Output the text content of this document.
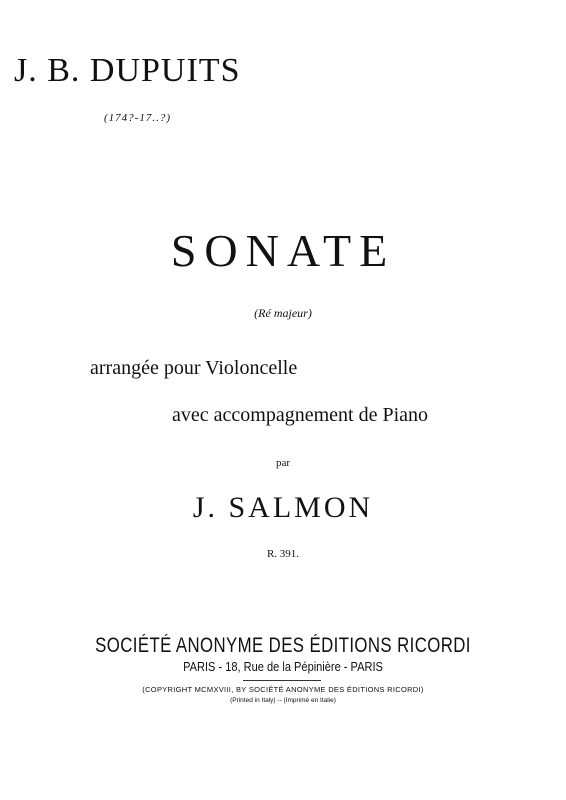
J. B. DUPUITS
(174?-17..?)
SONATE
(Ré majeur)
arrangée pour Violoncelle
avec accompagnement de Piano
par
J. SALMON
R. 391.
SOCIÉTÉ ANONYME DES ÉDITIONS RICORDI
PARIS - 18, Rue de la Pépinière - PARIS
(COPYRIGHT MCMXVIII, BY SOCIÉTÉ ANONYME DES ÉDITIONS RICORDI)
(Printed in Italy) -- (Imprimé en Italie)
